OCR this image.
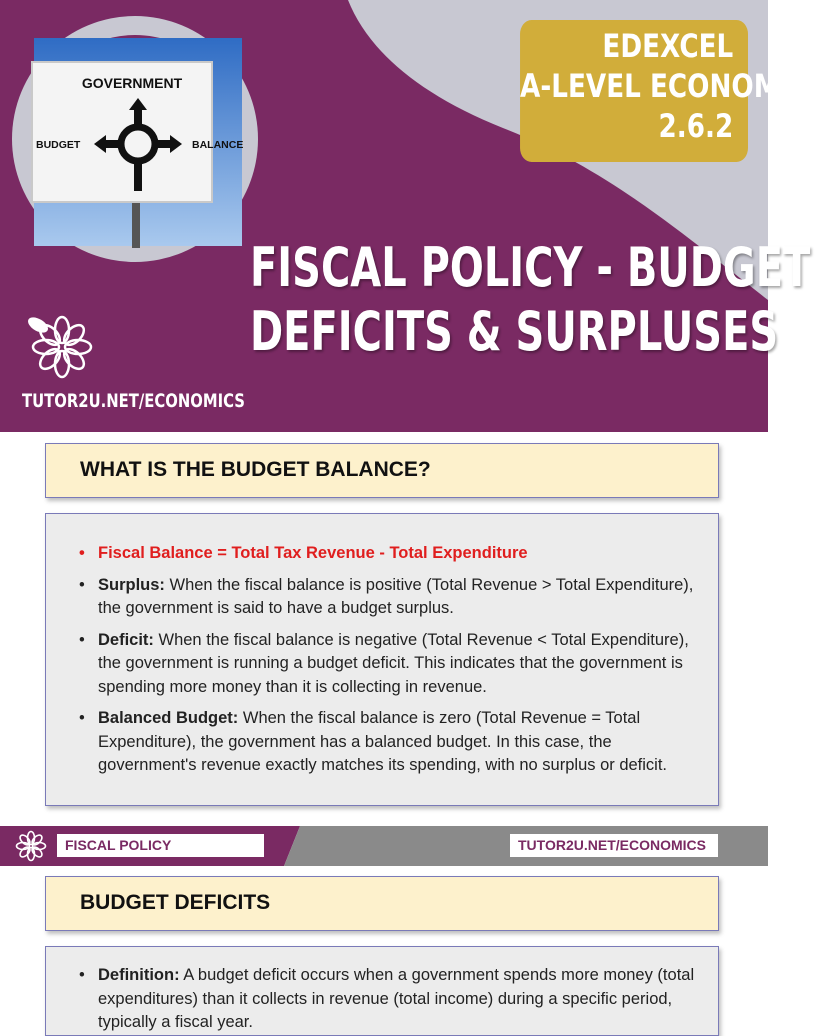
EDEXCEL
A-LEVEL ECONOMICS
2.6.2
GOVERNMENT
BUDGET	BALANCE
FISCAL POLICY - BUDGET
DEFICITS & SURPLUSES
TUTOR2U.NET/ECONOMICS
WHAT IS THE BUDGET BALANCE?
• Fiscal Balance = Total Tax Revenue - Total Expenditure
• Surplus: When the fiscal balance is positive (Total Revenue > Total Expenditure), the government is said to have a budget surplus.
• Deficit: When the fiscal balance is negative (Total Revenue < Total Expenditure), the government is running a budget deficit. This indicates that the government is spending more money than it is collecting in revenue.
• Balanced Budget: When the fiscal balance is zero (Total Revenue = Total Expenditure), the government has a balanced budget. In this case, the government's revenue exactly matches its spending, with no surplus or deficit.
FISCAL POLICY	TUTOR2U.NET/ECONOMICS
BUDGET DEFICITS
• Definition: A budget deficit occurs when a government spends more money (total expenditures) than it collects in revenue (total income) during a specific period, typically a fiscal year.
